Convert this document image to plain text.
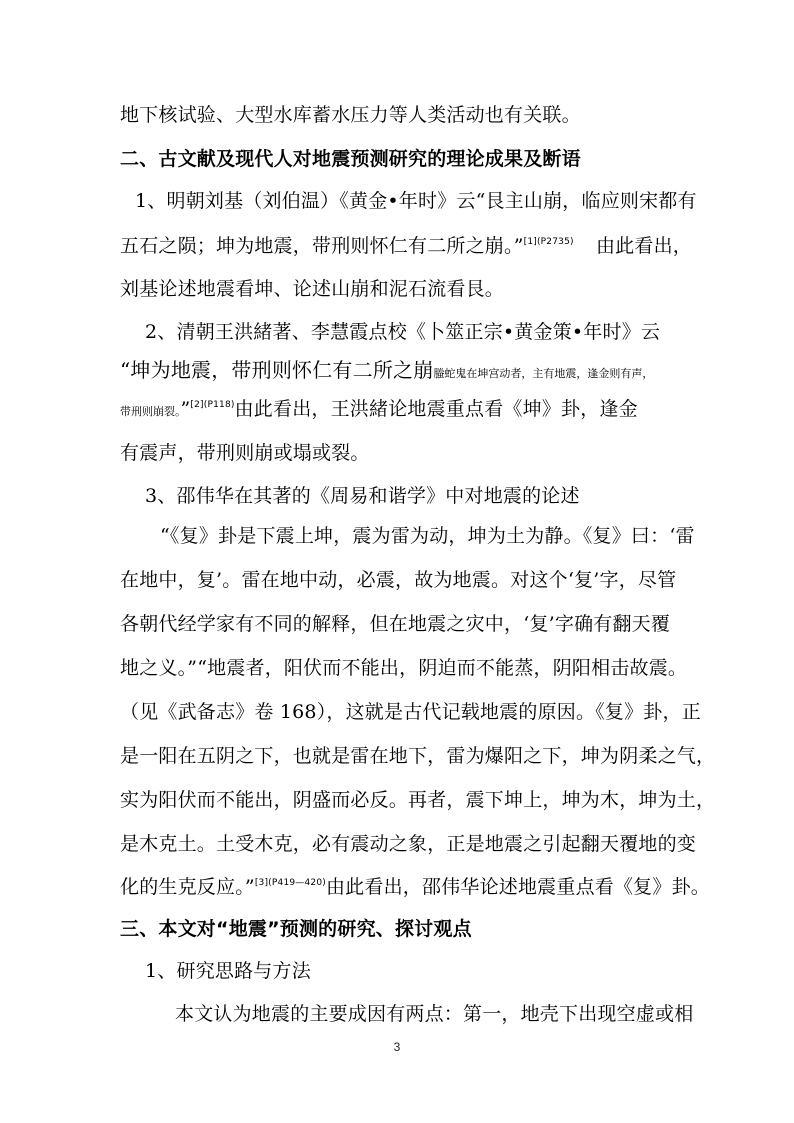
地下核试验、大型水库蓄水压力等人类活动也有关联。
二、古文献及现代人对地震预测研究的理论成果及断语
1、明朝刘基（刘伯温）《黄金•年时》云“艮主山崩，临应则宋都有
五石之陨；坤为地震，带刑则怀仁有二所之崩。”$^{[1](P2735)}$ 由此看出，
刘基论述地震看坤、论述山崩和泥石流看艮。
2、清朝王洪緒著、李慧霞点校《卜筮正宗•黄金策•年时》云
“坤为地震，带刑则怀仁有二所之崩螣蛇鬼在坤宫动者，主有地震，逢金则有声，
带刑则崩裂。”$^{[2](P118)}$由此看出，王洪緒论地震重点看《坤》卦，逢金
有震声，带刑则崩或塌或裂。
3、邵伟华在其著的《周易和谐学》中对地震的论述
“《复》卦是下震上坤，震为雷为动，坤为土为静。《复》曰：‘雷
在地中，复’。雷在地中动，必震，故为地震。对这个‘复’字，尽管
各朝代经学家有不同的解释，但在地震之灾中，‘复’字确有翻天覆
地之义。”“地震者，阳伏而不能出，阴迫而不能蒸，阴阳相击故震。
（见《武备志》卷 168），这就是古代记载地震的原因。《复》卦，正
是一阳在五阴之下，也就是雷在地下，雷为爆阳之下，坤为阴柔之气，
实为阳伏而不能出，阴盛而必反。再者，震下坤上，坤为木，坤为土，
是木克土。土受木克，必有震动之象，正是地震之引起翻天覆地的变
化的生克反应。”$^{[3](P419—420)}$由此看出，邵伟华论述地震重点看《复》卦。
三、本文对“地震”预测的研究、探讨观点
1、研究思路与方法
本文认为地震的主要成因有两点：第一，地壳下出现空虚或相
3
